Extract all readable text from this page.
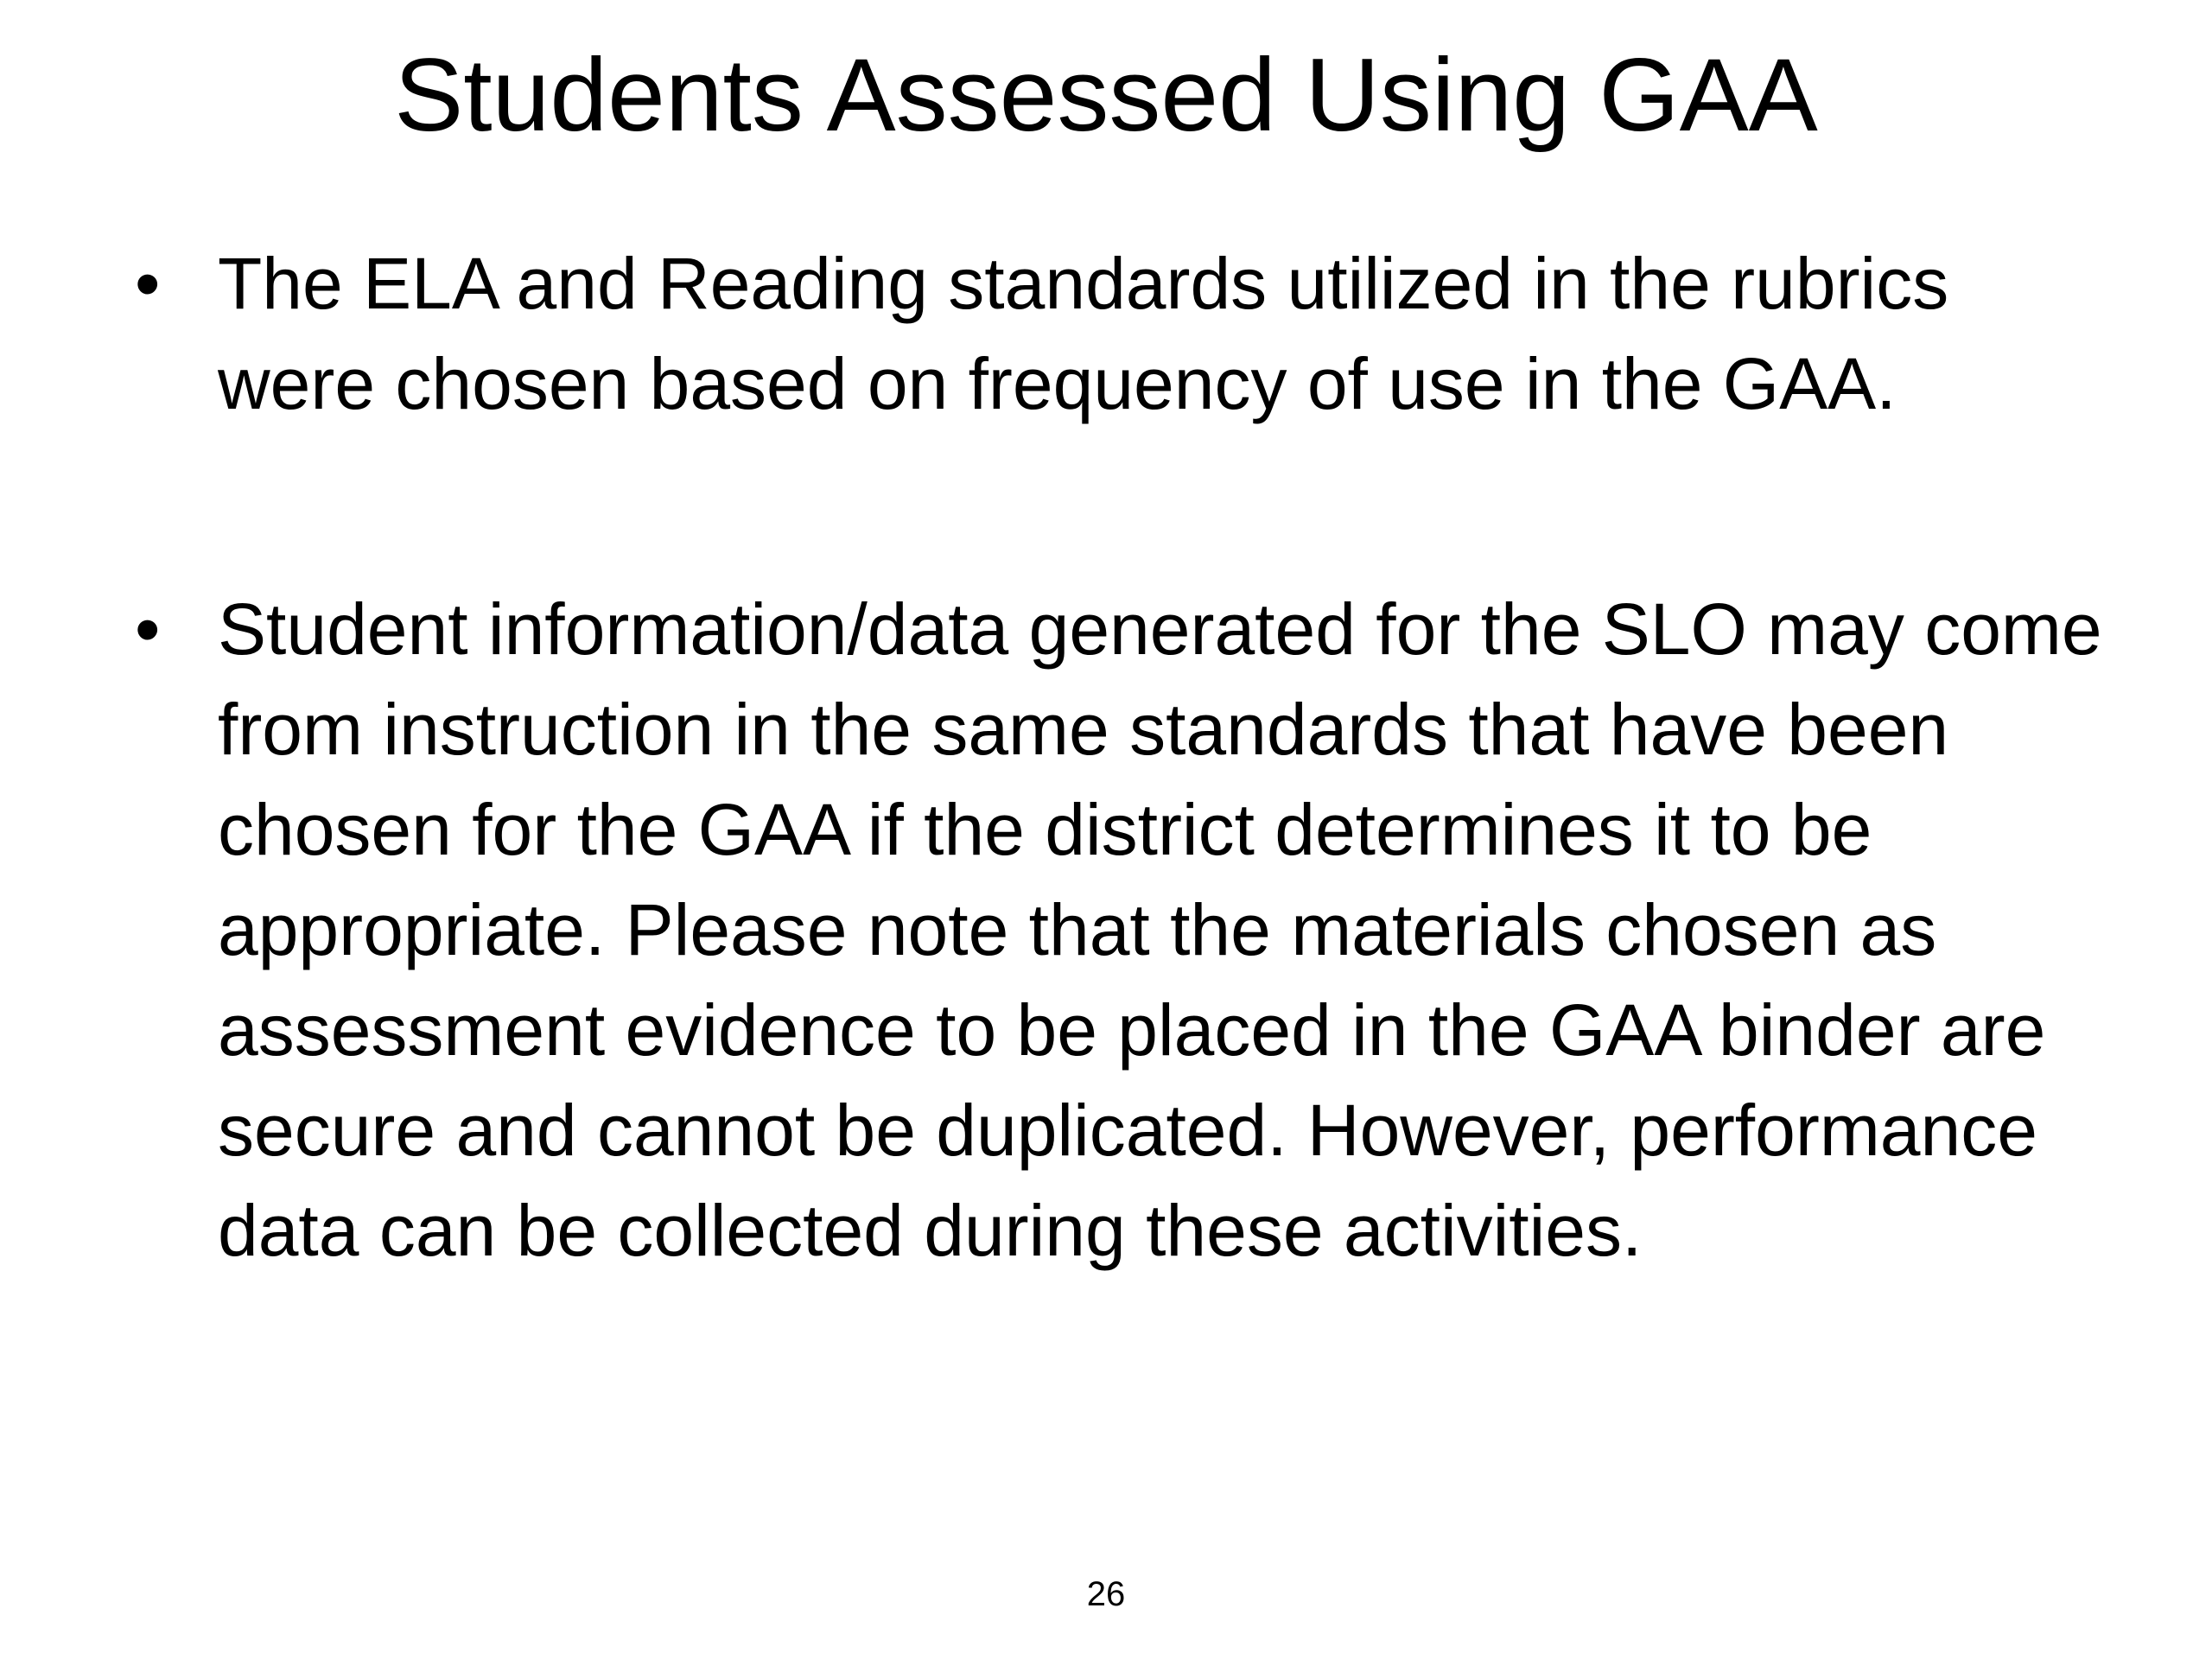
Students Assessed Using GAA
• The ELA and Reading standards utilized in the rubrics were chosen based on frequency of use in the GAA.
• Student information/data generated for the SLO may come from instruction in the same standards that have been chosen for the GAA if the district determines it to be appropriate. Please note that the materials chosen as assessment evidence to be placed in the GAA binder are secure and cannot be duplicated. However, performance data can be collected during these activities.
26
